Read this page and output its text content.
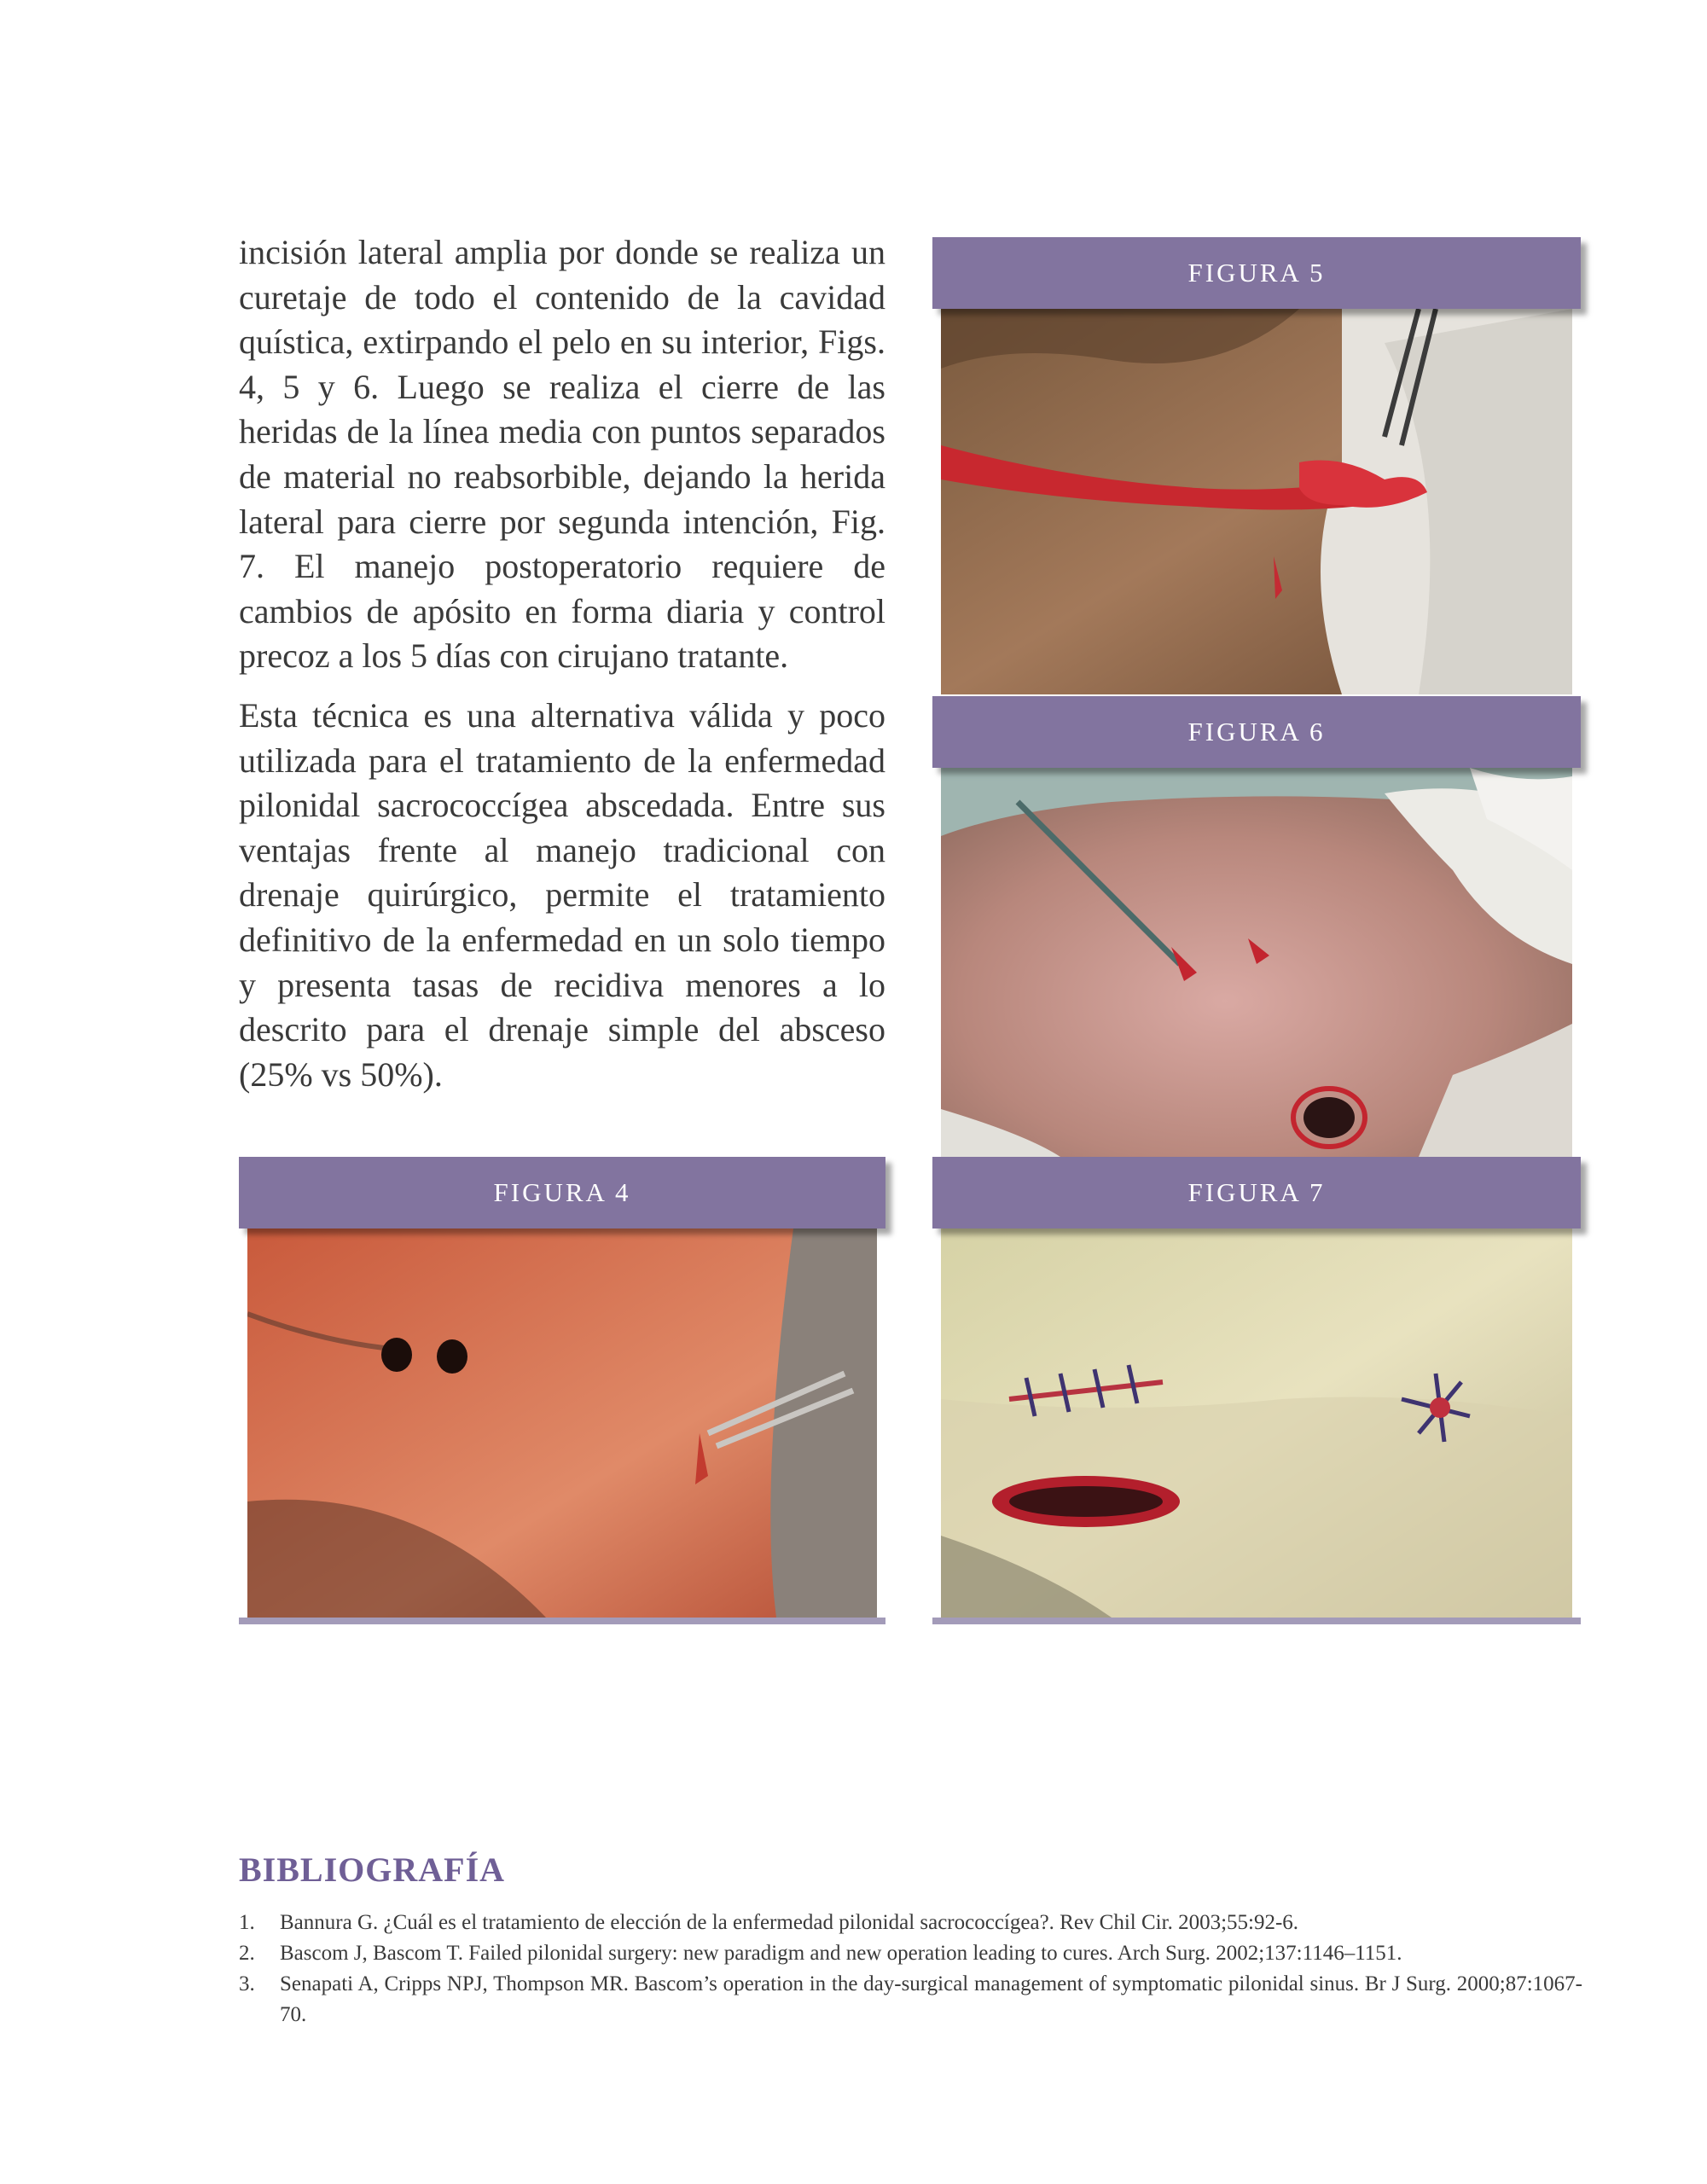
incisión lateral amplia por donde se realiza un curetaje de todo el contenido de la cavidad quística, extirpando el pelo en su interior, Figs. 4, 5 y 6. Luego se realiza el cierre de las heridas de la línea media con puntos separados de material no reabsorbible, dejando la herida lateral para cierre por segunda intención, Fig. 7. El manejo postoperatorio requiere de cambios de apósito en forma diaria y control precoz a los 5 días con cirujano tratante.

Esta técnica es una alternativa válida y poco utilizada para el tratamiento de la enfermedad pilonidal sacrococcígea abscedada. Entre sus ventajas frente al manejo tradicional con drenaje quirúrgico, permite el tratamiento definitivo de la enfermedad en un solo tiempo y presenta tasas de recidiva menores a lo descrito para el drenaje simple del absceso (25% vs 50%).

FIGURA 5
FIGURA 6
FIGURA 4	FIGURA 7
BIBLIOGRAFÍA
1. Bannura G. ¿Cuál es el tratamiento de elección de la enfermedad pilonidal sacrococcígea?. Rev Chil Cir. 2003;55:92-6.
2. Bascom J, Bascom T. Failed pilonidal surgery: new paradigm and new operation leading to cures. Arch Surg. 2002;137:1146–1151.
3. Senapati A, Cripps NPJ, Thompson MR. Bascom’s operation in the day-surgical management of symptomatic pilonidal sinus. Br J Surg. 2000;87:1067-70.
